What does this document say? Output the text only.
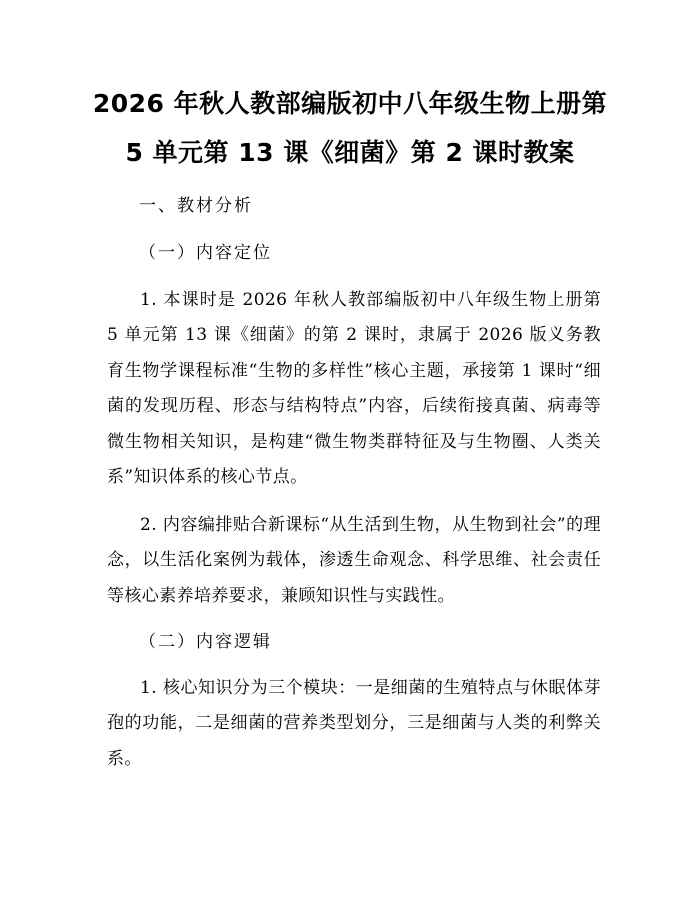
2026 年秋人教部编版初中八年级生物上册第
5 单元第 13 课《细菌》第 2 课时教案
一、教材分析
（一）内容定位

1. 本课时是 2026 年秋人教部编版初中八年级生物上册第 5 单元第 13 课《细菌》的第 2 课时，隶属于 2026 版义务教育生物学课程标准“生物的多样性”核心主题，承接第 1 课时“细菌的发现历程、形态与结构特点”内容，后续衔接真菌、病毒等微生物相关知识，是构建“微生物类群特征及与生物圈、人类关系”知识体系的核心节点。

2. 内容编排贴合新课标“从生活到生物，从生物到社会”的理念，以生活化案例为载体，渗透生命观念、科学思维、社会责任等核心素养培养要求，兼顾知识性与实践性。

（二）内容逻辑

1. 核心知识分为三个模块：一是细菌的生殖特点与休眠体芽孢的功能，二是细菌的营养类型划分，三是细菌与人类的利弊关系。
